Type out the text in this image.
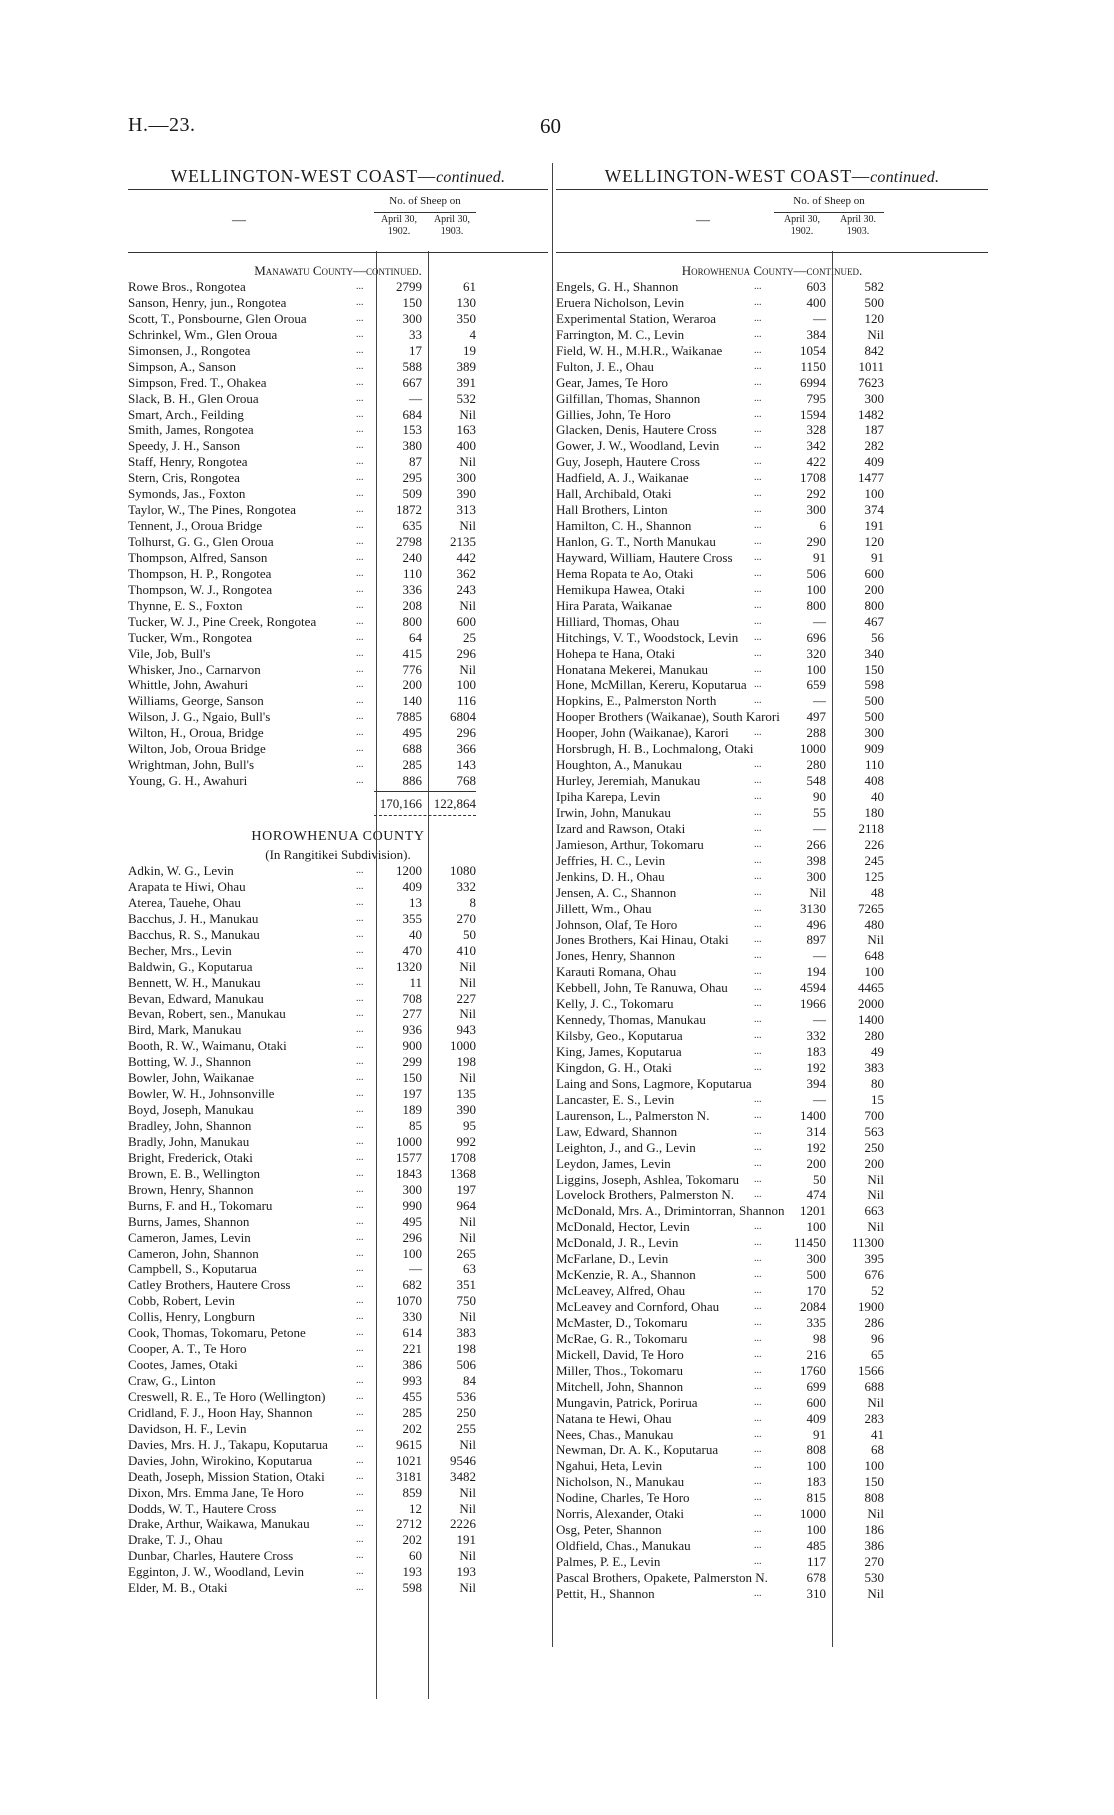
H.—23.	60
WELLINGTON-WEST COAST—continued.
—
No. of Sheep on
April 30, 1902.
April 30, 1903.
Manawatu County—continued.
Rowe Bros., Rongotea	...	2799	61
Sanson, Henry, jun., Rongotea	...	150	130
Scott, T., Ponsbourne, Glen Oroua	...	300	350
Schrinkel, Wm., Glen Oroua	...	33	4
Simonsen, J., Rongotea	...	17	19
Simpson, A., Sanson	...	588	389
Simpson, Fred. T., Ohakea	...	667	391
Slack, B. H., Glen Oroua	...	—	532
Smart, Arch., Feilding	...	684	Nil
Smith, James, Rongotea	...	153	163
Speedy, J. H., Sanson	...	380	400
Staff, Henry, Rongotea	...	87	Nil
Stern, Cris, Rongotea	...	295	300
Symonds, Jas., Foxton	...	509	390
Taylor, W., The Pines, Rongotea	...	1872	313
Tennent, J., Oroua Bridge	...	635	Nil
Tolhurst, G. G., Glen Oroua	...	2798	2135
Thompson, Alfred, Sanson	...	240	442
Thompson, H. P., Rongotea	...	110	362
Thompson, W. J., Rongotea	...	336	243
Thynne, E. S., Foxton	...	208	Nil
Tucker, W. J., Pine Creek, Rongotea	...	800	600
Tucker, Wm., Rongotea	...	64	25
Vile, Job, Bull's	...	415	296
Whisker, Jno., Carnarvon	...	776	Nil
Whittle, John, Awahuri	...	200	100
Williams, George, Sanson	...	140	116
Wilson, J. G., Ngaio, Bull's	...	7885	6804
Wilton, H., Oroua, Bridge	...	495	296
Wilton, Job, Oroua Bridge	...	688	366
Wrightman, John, Bull's	...	285	143
Young, G. H., Awahuri	...	886	768
170,166 122,864
HOROWHENUA COUNTY
(In Rangitikei Subdivision).
Adkin, W. G., Levin	...	1200	1080
Arapata te Hiwi, Ohau	...	409	332
Aterea, Tauehe, Ohau	...	13	8
Bacchus, J. H., Manukau	...	355	270
Bacchus, R. S., Manukau	...	40	50
Becher, Mrs., Levin	...	470	410
Baldwin, G., Koputarua	...	1320	Nil
Bennett, W. H., Manukau	...	11	Nil
Bevan, Edward, Manukau	...	708	227
Bevan, Robert, sen., Manukau	...	277	Nil
Bird, Mark, Manukau	...	936	943
Booth, R. W., Waimanu, Otaki	...	900	1000
Botting, W. J., Shannon	...	299	198
Bowler, John, Waikanae	...	150	Nil
Bowler, W. H., Johnsonville	...	197	135
Boyd, Joseph, Manukau	...	189	390
Bradley, John, Shannon	...	85	95
Bradly, John, Manukau	...	1000	992
Bright, Frederick, Otaki	...	1577	1708
Brown, E. B., Wellington	...	1843	1368
Brown, Henry, Shannon	...	300	197
Burns, F. and H., Tokomaru	...	990	964
Burns, James, Shannon	...	495	Nil
Cameron, James, Levin	...	296	Nil
Cameron, John, Shannon	...	100	265
Campbell, S., Koputarua	...	—	63
Catley Brothers, Hautere Cross	...	682	351
Cobb, Robert, Levin	...	1070	750
Collis, Henry, Longburn	...	330	Nil
Cook, Thomas, Tokomaru, Petone	...	614	383
Cooper, A. T., Te Horo	...	221	198
Cootes, James, Otaki	...	386	506
Craw, G., Linton	...	993	84
Creswell, R. E., Te Horo (Wellington)	...	455	536
Cridland, F. J., Hoon Hay, Shannon	...	285	250
Davidson, H. F., Levin	...	202	255
Davies, Mrs. H. J., Takapu, Koputarua	...	9615	Nil
Davies, John, Wirokino, Koputarua	...	1021	9546
Death, Joseph, Mission Station, Otaki	...	3181	3482
Dixon, Mrs. Emma Jane, Te Horo	...	859	Nil
Dodds, W. T., Hautere Cross	...	12	Nil
Drake, Arthur, Waikawa, Manukau	...	2712	2226
Drake, T. J., Ohau	...	202	191
Dunbar, Charles, Hautere Cross	...	60	Nil
Egginton, J. W., Woodland, Levin	...	193	193
Elder, M. B., Otaki	...	598	Nil
WELLINGTON-WEST COAST—continued.
—
No. of Sheep on
April 30, 1902.
April 30. 1903.
Horowhenua County—continued.
Engels, G. H., Shannon	...	603	582
Eruera Nicholson, Levin	...	400	500
Experimental Station, Weraroa	...	—	120
Farrington, M. C., Levin	...	384	Nil
Field, W. H., M.H.R., Waikanae	...	1054	842
Fulton, J. E., Ohau	...	1150	1011
Gear, James, Te Horo	...	6994	7623
Gilfillan, Thomas, Shannon	...	795	300
Gillies, John, Te Horo	...	1594	1482
Glacken, Denis, Hautere Cross	...	328	187
Gower, J. W., Woodland, Levin	...	342	282
Guy, Joseph, Hautere Cross	...	422	409
Hadfield, A. J., Waikanae	...	1708	1477
Hall, Archibald, Otaki	...	292	100
Hall Brothers, Linton	...	300	374
Hamilton, C. H., Shannon	...	6	191
Hanlon, G. T., North Manukau	...	290	120
Hayward, William, Hautere Cross ...	91	91
Hema Ropata te Ao, Otaki	...	506	600
Hemikupa Hawea, Otaki	...	100	200
Hira Parata, Waikanae	...	800	800
Hilliard, Thomas, Ohau	...	—	467
Hitchings, V. T., Woodstock, Levin ...	696	56
Hohepa te Hana, Otaki	...	320	340
Honatana Mekerei, Manukau	...	100	150
Hone, McMillan, Kereru, Koputarua ...	659	598
Hopkins, E., Palmerston North	...	—	500
Hooper Brothers (Waikanae), South Karori	497	500
Hooper, John (Waikanae), Karori	...	288	300
Horsbrugh, H. B., Lochmalong, Otaki	1000	909
Houghton, A., Manukau	...	280	110
Hurley, Jeremiah, Manukau	...	548	408
Ipiha Karepa, Levin	...	90	40
Irwin, John, Manukau	...	55	180
Izard and Rawson, Otaki	...	—	2118
Jamieson, Arthur, Tokomaru	...	266	226
Jeffries, H. C., Levin	...	398	245
Jenkins, D. H., Ohau	...	300	125
Jensen, A. C., Shannon	...	Nil	48
Jillett, Wm., Ohau	...	3130	7265
Johnson, Olaf, Te Horo	...	496	480
Jones Brothers, Kai Hinau, Otaki	...	897	Nil
Jones, Henry, Shannon	...	—	648
Karauti Romana, Ohau	...	194	100
Kebbell, John, Te Ranuwa, Ohau	...	4594	4465
Kelly, J. C., Tokomaru	...	1966	2000
Kennedy, Thomas, Manukau	...	—	1400
Kilsby, Geo., Koputarua	...	332	280
King, James, Koputarua	...	183	49
Kingdon, G. H., Otaki	...	192	383
Laing and Sons, Lagmore, Koputarua	394	80
Lancaster, E. S., Levin	...	—	15
Laurenson, L., Palmerston N.	...	1400	700
Law, Edward, Shannon	...	314	563
Leighton, J., and G., Levin	...	192	250
Leydon, James, Levin	...	200	200
Liggins, Joseph, Ashlea, Tokomaru ...	50	Nil
Lovelock Brothers, Palmerston N. ...	474	Nil
McDonald, Mrs. A., Drimintorran, Shannon	1201	663
McDonald, Hector, Levin	...	100	Nil
McDonald, J. R., Levin	...	11450	11300
McFarlane, D., Levin	...	300	395
McKenzie, R. A., Shannon	...	500	676
McLeavey, Alfred, Ohau	...	170	52
McLeavey and Cornford, Ohau	...	2084	1900
McMaster, D., Tokomaru	...	335	286
McRae, G. R., Tokomaru	...	98	96
Mickell, David, Te Horo	...	216	65
Miller, Thos., Tokomaru	...	1760	1566
Mitchell, John, Shannon	...	699	688
Mungavin, Patrick, Porirua	...	600	Nil
Natana te Hewi, Ohau	...	409	283
Nees, Chas., Manukau	...	91	41
Newman, Dr. A. K., Koputarua	...	808	68
Ngahui, Heta, Levin	...	100	100
Nicholson, N., Manukau	...	183	150
Nodine, Charles, Te Horo	...	815	808
Norris, Alexander, Otaki	...	1000	Nil
Osg, Peter, Shannon	...	100	186
Oldfield, Chas., Manukau	...	485	386
Palmes, P. E., Levin	...	117	270
Pascal Brothers, Opakete, Palmerston N.	678	530
Pettit, H., Shannon	...	310	Nil
